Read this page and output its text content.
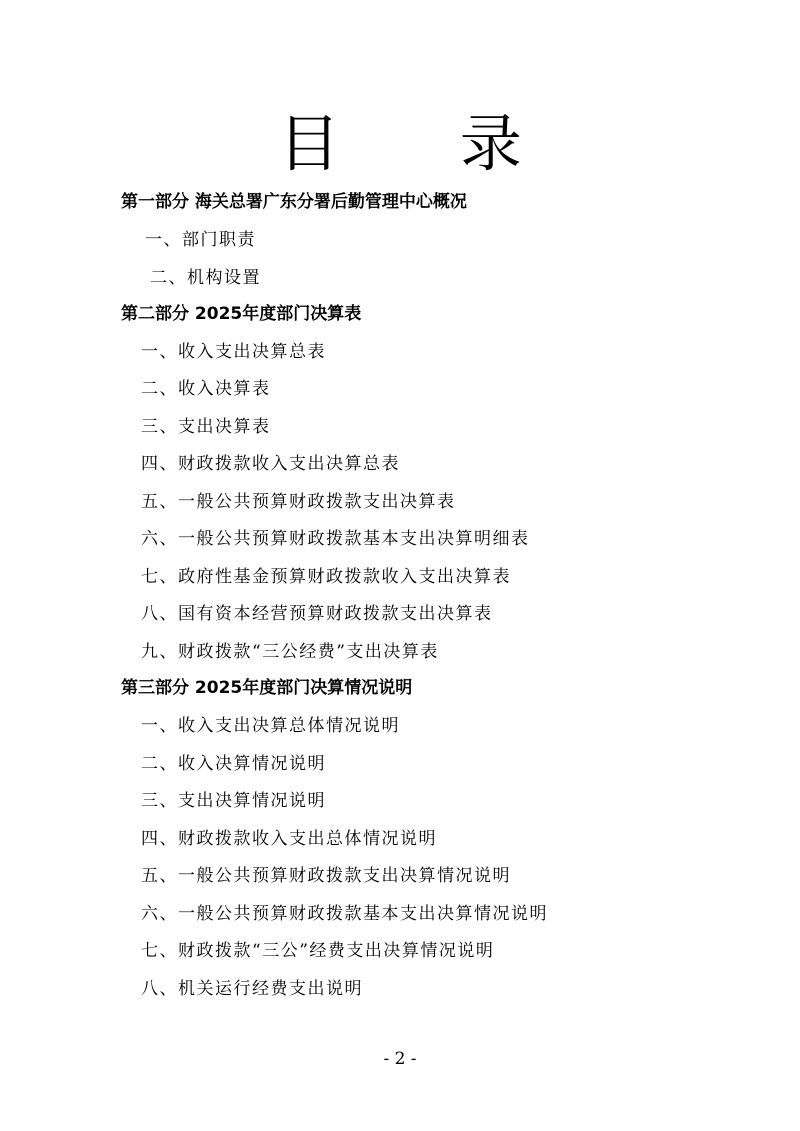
目 录
第一部分 海关总署广东分署后勤管理中心概况
一、部门职责
二、机构设置
第二部分 2025年度部门决算表
一、收入支出决算总表
二、收入决算表
三、支出决算表
四、财政拨款收入支出决算总表
五、一般公共预算财政拨款支出决算表
六、一般公共预算财政拨款基本支出决算明细表
七、政府性基金预算财政拨款收入支出决算表
八、国有资本经营预算财政拨款支出决算表
九、财政拨款“三公经费”支出决算表
第三部分 2025年度部门决算情况说明
一、收入支出决算总体情况说明
二、收入决算情况说明
三、支出决算情况说明
四、财政拨款收入支出总体情况说明
五、一般公共预算财政拨款支出决算情况说明
六、一般公共预算财政拨款基本支出决算情况说明
七、财政拨款“三公”经费支出决算情况说明
八、机关运行经费支出说明
- 2 -
